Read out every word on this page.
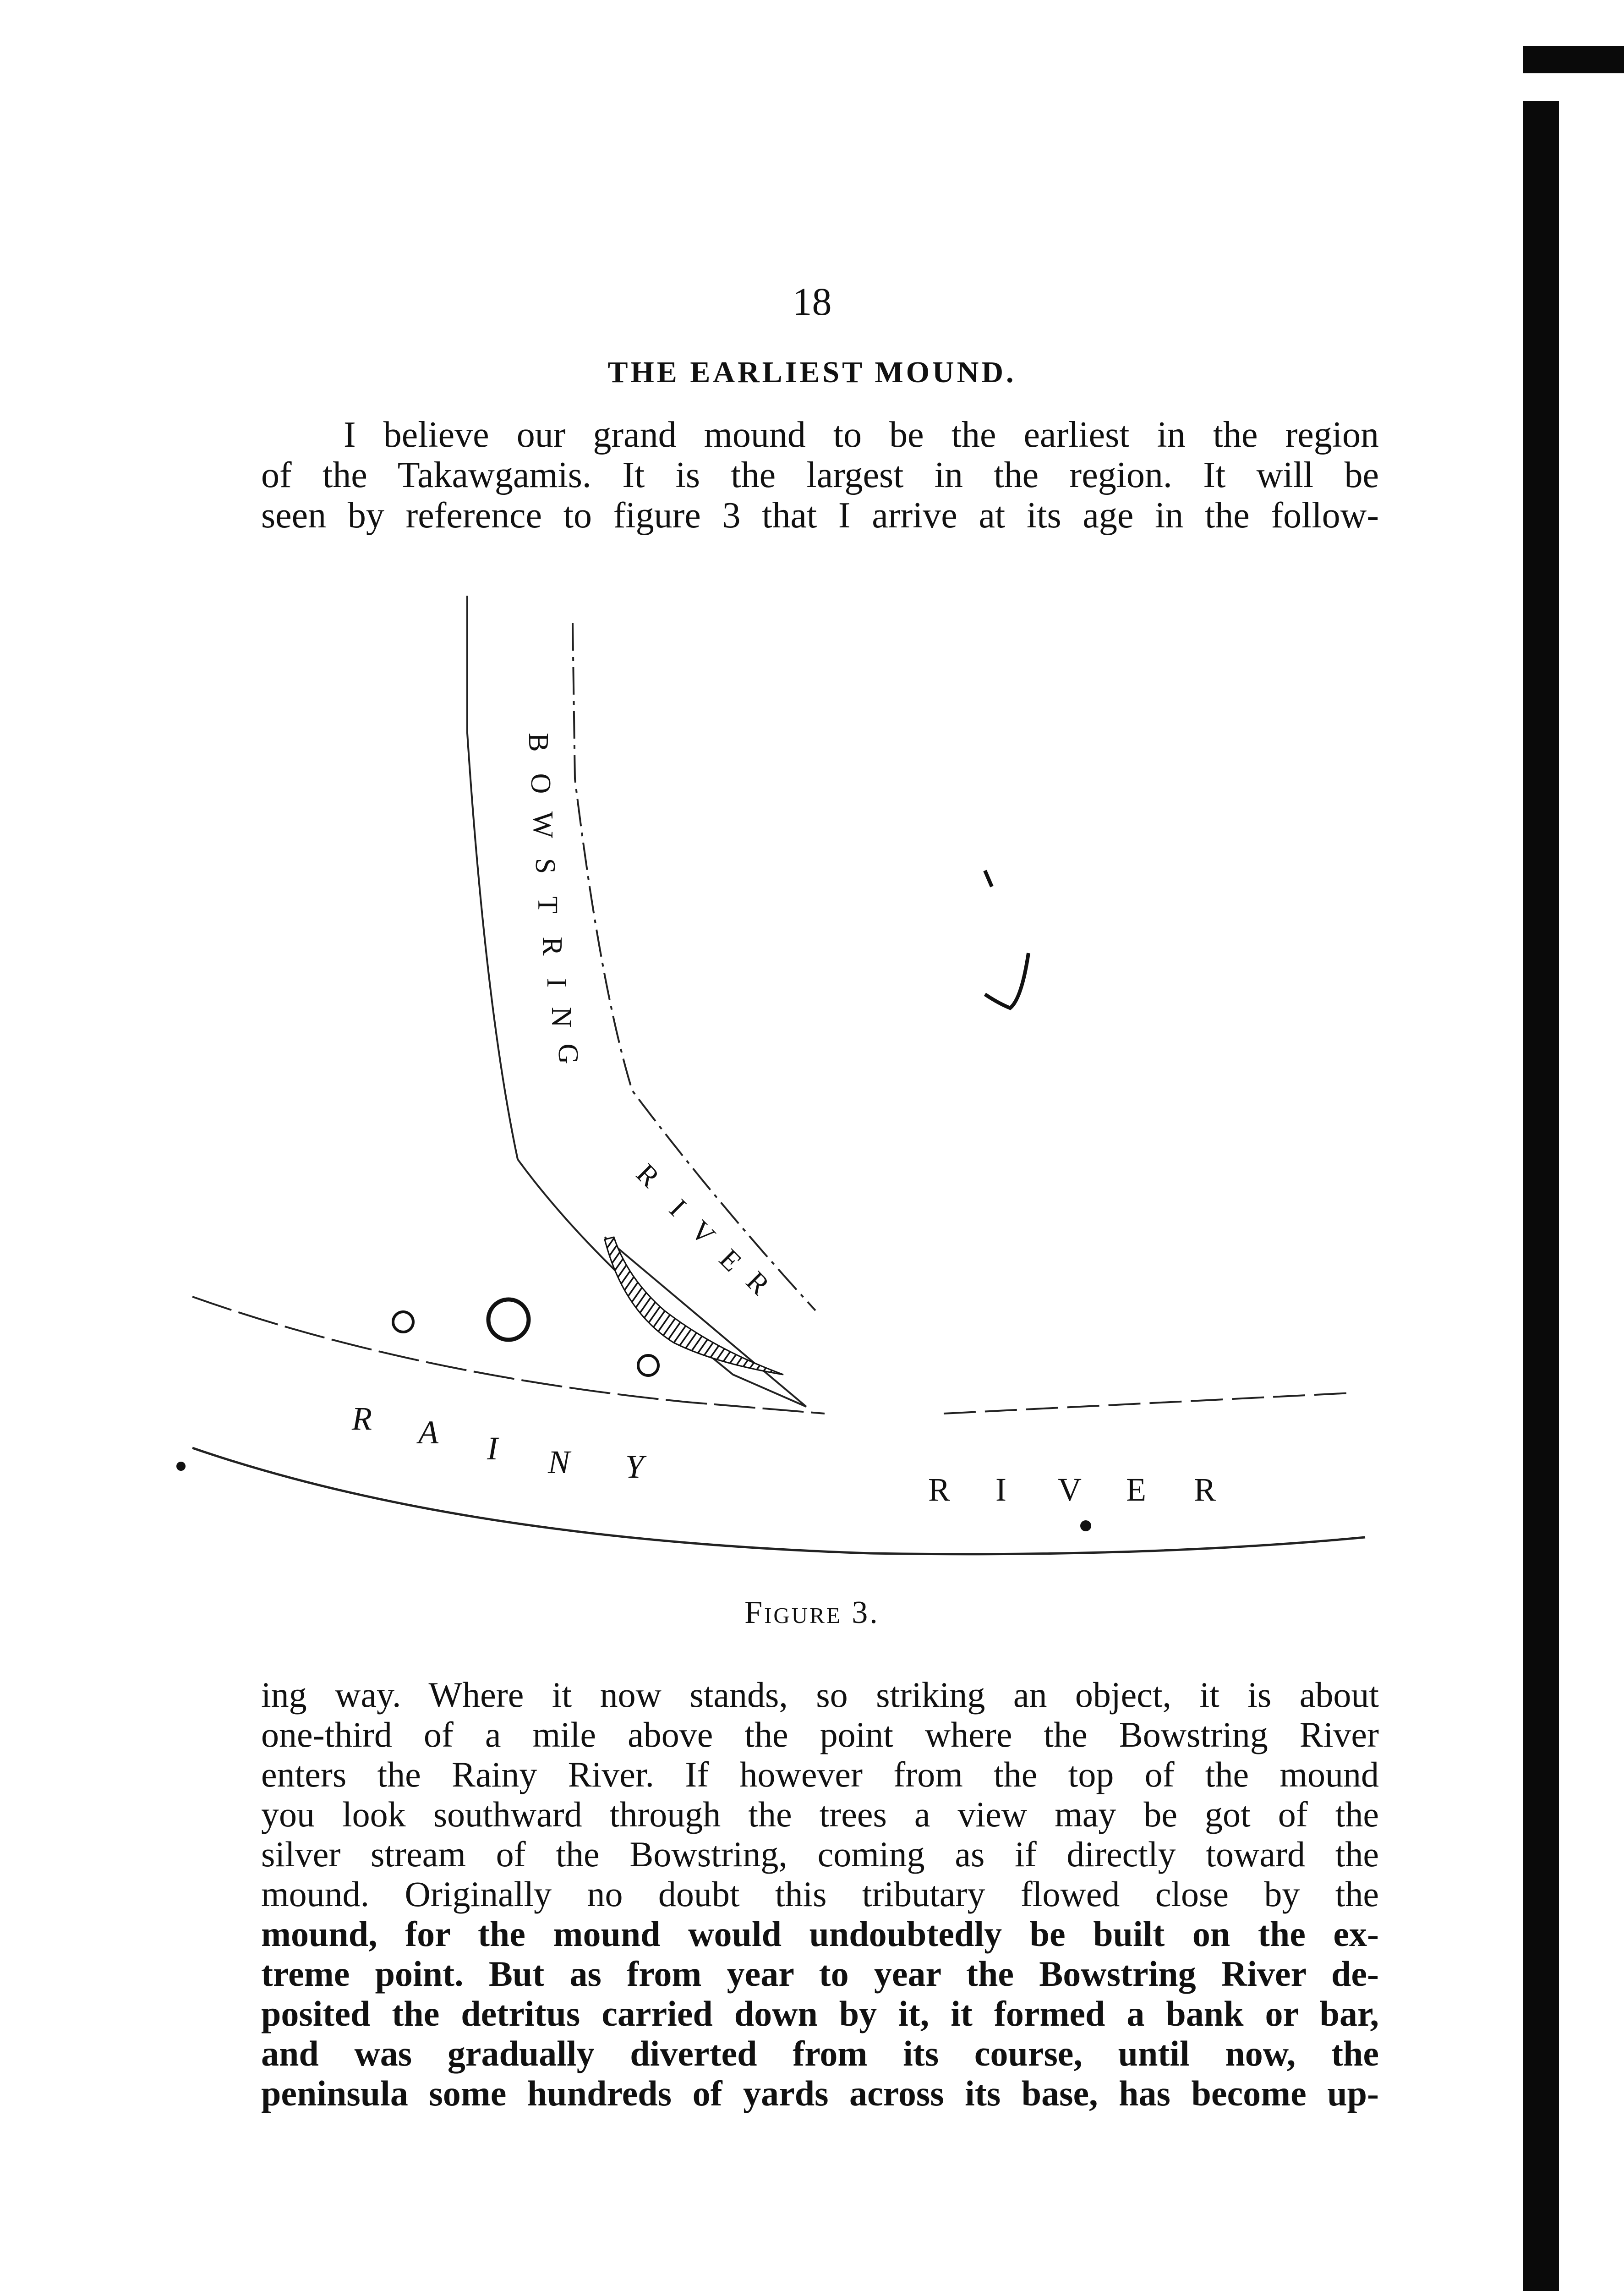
18
THE EARLIEST MOUND.
I believe our grand mound to be the earliest in the region
of the Takawgamis. It is the largest in the region. It will be
seen by reference to figure 3 that I arrive at its age in the follow-
B
O
W
S
T
R
I
N
G
R
I
V
E
R
R A I N Y
R I V E R
Figure 3.
ing way. Where it now stands, so striking an object, it is about
one-third of a mile above the point where the Bowstring River
enters the Rainy River. If however from the top of the mound
you look southward through the trees a view may be got of the
silver stream of the Bowstring, coming as if directly toward the
mound. Originally no doubt this tributary flowed close by the
mound, for the mound would undoubtedly be built on the ex-
treme point. But as from year to year the Bowstring River de-
posited the detritus carried down by it, it formed a bank or bar,
and was gradually diverted from its course, until now, the
peninsula some hundreds of yards across its base, has become up-
